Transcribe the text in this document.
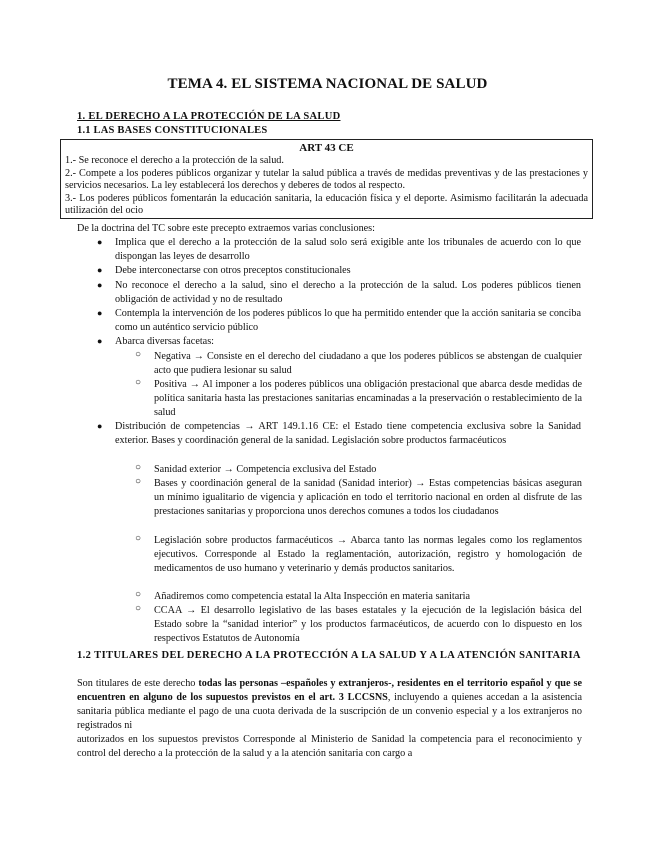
TEMA 4. EL SISTEMA NACIONAL DE SALUD
1. EL DERECHO A LA PROTECCIÓN DE LA SALUD
1.1 LAS BASES CONSTITUCIONALES
ART 43 CE
1.- Se reconoce el derecho a la protección de la salud.
2.- Compete a los poderes públicos organizar y tutelar la salud pública a través de medidas preventivas y de las prestaciones y servicios necesarios. La ley establecerá los derechos y deberes de todos al respecto.
3.- Los poderes públicos fomentarán la educación sanitaria, la educación física y el deporte. Asimismo facilitarán la adecuada utilización del ocio
De la doctrina del TC sobre este precepto extraemos varias conclusiones:
● Implica que el derecho a la protección de la salud solo será exigible ante los tribunales de acuerdo con lo que dispongan las leyes de desarrollo
● Debe interconectarse con otros preceptos constitucionales
● No reconoce el derecho a la salud, sino el derecho a la protección de la salud. Los poderes públicos tienen obligación de actividad y no de resultado
● Contempla la intervención de los poderes públicos lo que ha permitido entender que la acción sanitaria se conciba como un auténtico servicio público
● Abarca diversas facetas:
○ Negativa → Consiste en el derecho del ciudadano a que los poderes públicos se abstengan de cualquier acto que pudiera lesionar su salud
○ Positiva → Al imponer a los poderes públicos una obligación prestacional que abarca desde medidas de política sanitaria hasta las prestaciones sanitarias encaminadas a la preservación o restablecimiento de la salud
● Distribución de competencias → ART 149.1.16 CE: el Estado tiene competencia exclusiva sobre la Sanidad exterior. Bases y coordinación general de la sanidad. Legislación sobre productos farmacéuticos
○ Sanidad exterior → Competencia exclusiva del Estado
○ Bases y coordinación general de la sanidad (Sanidad interior) → Estas competencias básicas aseguran un mínimo igualitario de vigencia y aplicación en todo el territorio nacional en orden al disfrute de las prestaciones sanitarias y proporciona unos derechos comunes a todos los ciudadanos
○ Legislación sobre productos farmacéuticos → Abarca tanto las normas legales como los reglamentos ejecutivos. Corresponde al Estado la reglamentación, autorización, registro y homologación de medicamentos de uso humano y veterinario y demás productos sanitarios.
○ Añadiremos como competencia estatal la Alta Inspección en materia sanitaria
○ CCAA → El desarrollo legislativo de las bases estatales y la ejecución de la legislación básica del Estado sobre la “sanidad interior” y los productos farmacéuticos, de acuerdo con lo dispuesto en los respectivos Estatutos de Autonomía
1.2 TITULARES DEL DERECHO A LA PROTECCIÓN A LA SALUD Y A LA ATENCIÓN SANITARIA
Son titulares de este derecho todas las personas –españoles y extranjeros-, residentes en el territorio español y que se encuentren en alguno de los supuestos previstos en el art. 3 LCCSNS, incluyendo a quienes accedan a la asistencia sanitaria pública mediante el pago de una cuota derivada de la suscripción de un convenio especial y a los extranjeros no registrados ni
autorizados en los supuestos previstos Corresponde al Ministerio de Sanidad la competencia para el reconocimiento y control del derecho a la protección de la salud y a la atención sanitaria con cargo a
